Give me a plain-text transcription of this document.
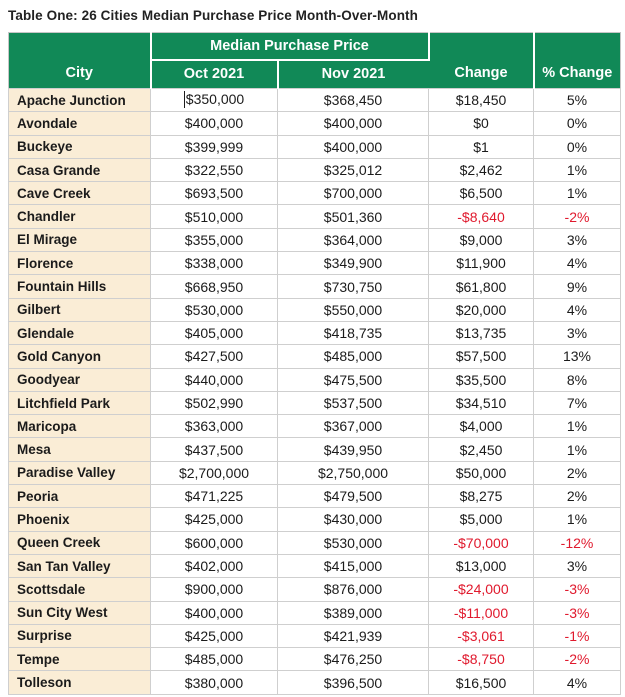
Table One: 26 Cities Median Purchase Price Month-Over-Month
City	Median Purchase Price		Change	% Change
	Oct 2021	Nov 2021		
Apache Junction	$350,000	$368,450	$18,450	5%
Avondale	$400,000	$400,000	$0	0%
Buckeye	$399,999	$400,000	$1	0%
Casa Grande	$322,550	$325,012	$2,462	1%
Cave Creek	$693,500	$700,000	$6,500	1%
Chandler	$510,000	$501,360	-$8,640	-2%
El Mirage	$355,000	$364,000	$9,000	3%
Florence	$338,000	$349,900	$11,900	4%
Fountain Hills	$668,950	$730,750	$61,800	9%
Gilbert	$530,000	$550,000	$20,000	4%
Glendale	$405,000	$418,735	$13,735	3%
Gold Canyon	$427,500	$485,000	$57,500	13%
Goodyear	$440,000	$475,500	$35,500	8%
Litchfield Park	$502,990	$537,500	$34,510	7%
Maricopa	$363,000	$367,000	$4,000	1%
Mesa	$437,500	$439,950	$2,450	1%
Paradise Valley	$2,700,000	$2,750,000	$50,000	2%
Peoria	$471,225	$479,500	$8,275	2%
Phoenix	$425,000	$430,000	$5,000	1%
Queen Creek	$600,000	$530,000	-$70,000	-12%
San Tan Valley	$402,000	$415,000	$13,000	3%
Scottsdale	$900,000	$876,000	-$24,000	-3%
Sun City West	$400,000	$389,000	-$11,000	-3%
Surprise	$425,000	$421,939	-$3,061	-1%
Tempe	$485,000	$476,250	-$8,750	-2%
Tolleson	$380,000	$396,500	$16,500	4%
